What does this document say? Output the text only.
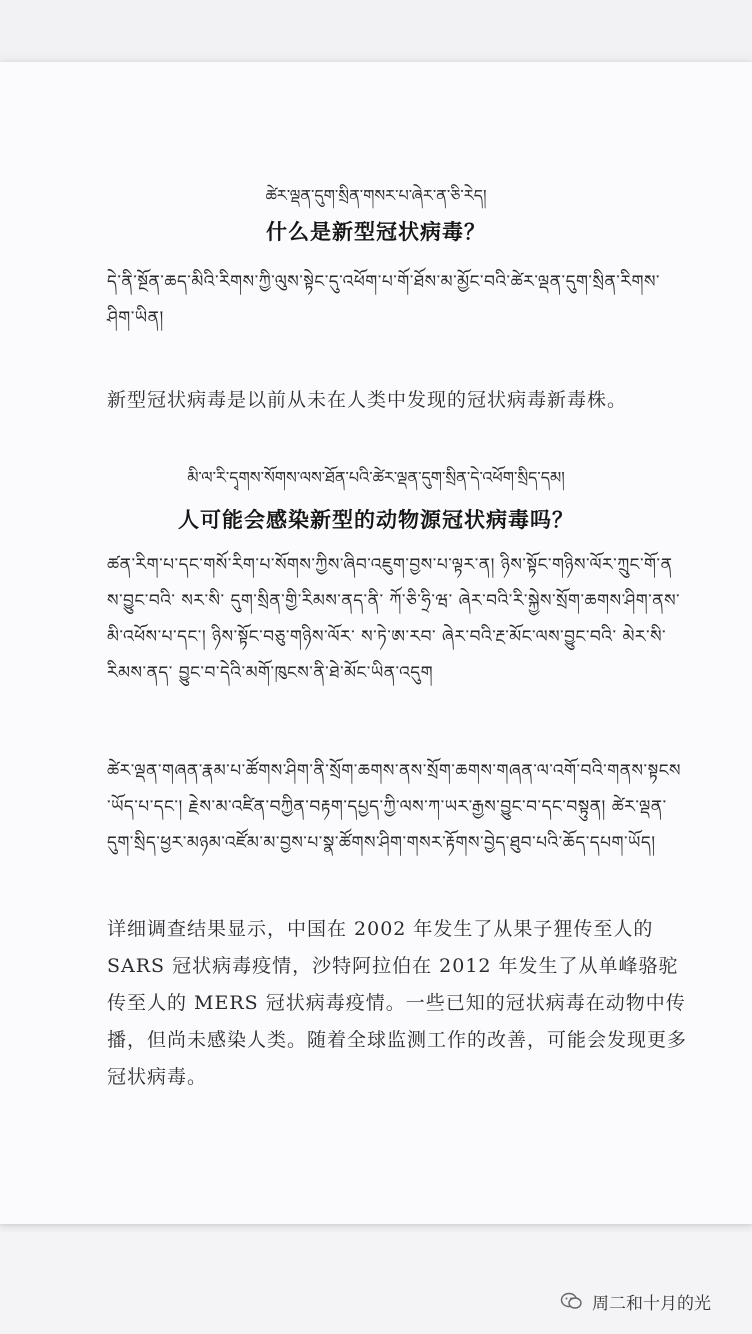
ཚེར་ལྡན་དུག་སྲིན་གསར་པ་ཞེར་ན་ཅི་རེད།
什么是新型冠状病毒？
དེ་ནི་སྔོན་ཆད་མིའི་རིགས་ཀྱི་ལུས་སྟེང་དུ་འཕོག་པ་གོ་ཐོས་མ་མྱོང་བའི་ཚེར་ལྡན་དུག་སྲིན་རིགས་ཤིག་ཡིན།
新型冠状病毒是以前从未在人类中发现的冠状病毒新毒株。
མི་ལ་རི་དྭགས་སོགས་ལས་ཐོན་པའི་ཚེར་ལྡན་དུག་སྲིན་དེ་འཕོག་སྲིད་དམ།
人可能会感染新型的动物源冠状病毒吗？
ཚན་རིག་པ་དང་གསོ་རིག་པ་སོགས་ཀྱིས་ཞིབ་འཇུག་བྱས་པ་ལྟར་ན། ཉིས་སྟོང་གཉིས་ལོར་ཀྲུང་གོ་ནས་བྱུང་བའི་ སར་སི་ དུག་སྲིན་གྱི་རིམས་ནད་ནི་ ཀོ་ཅི་ཧྲི་ཝ་ ཞེར་བའི་རི་སྐྱེས་སྲོག་ཆགས་ཤིག་ནས་མི་འཕོས་པ་དང་། ཉིས་སྟོང་བཅུ་གཉིས་ལོར་ ས་ཏེ་ཨ་རབ་ ཞེར་བའི་རྔ་མོང་ལས་བྱུང་བའི་ མེར་སི་རིམས་ནད་ བྱུང་བ་དེའི་མགོ་ཁུངས་ནི་ཐེ་མོང་ཡིན་འདུག
ཚེར་ལྡན་གཞན་རྣམ་པ་ཚོགས་ཤིག་ནི་སྲོག་ཆགས་ནས་སྲོག་ཆགས་གཞན་ལ་འགོ་བའི་གནས་སྟངས་ཡོད་པ་དང་། རྗེས་མ་འཛིན་བཀྱིན་བརྟག་དཔྱད་ཀྱི་ལས་ཀ་ཡར་རྒྱས་བྱུང་བ་དང་བསྟུན། ཚེར་ལྡན་དུག་སྲིད་ཕྱར་མཉམ་འཛོམ་མ་བྱས་པ་སྣ་ཚོགས་ཤིག་གསར་རྟོགས་བྱེད་ཐུབ་པའི་ཆོད་དཔག་ཡོད།
详细调查结果显示，中国在 2002 年发生了从果子狸传至人的 SARS 冠状病毒疫情，沙特阿拉伯在 2012 年发生了从单峰骆驼传至人的 MERS 冠状病毒疫情。一些已知的冠状病毒在动物中传播，但尚未感染人类。随着全球监测工作的改善，可能会发现更多冠状病毒。
周二和十月的光
